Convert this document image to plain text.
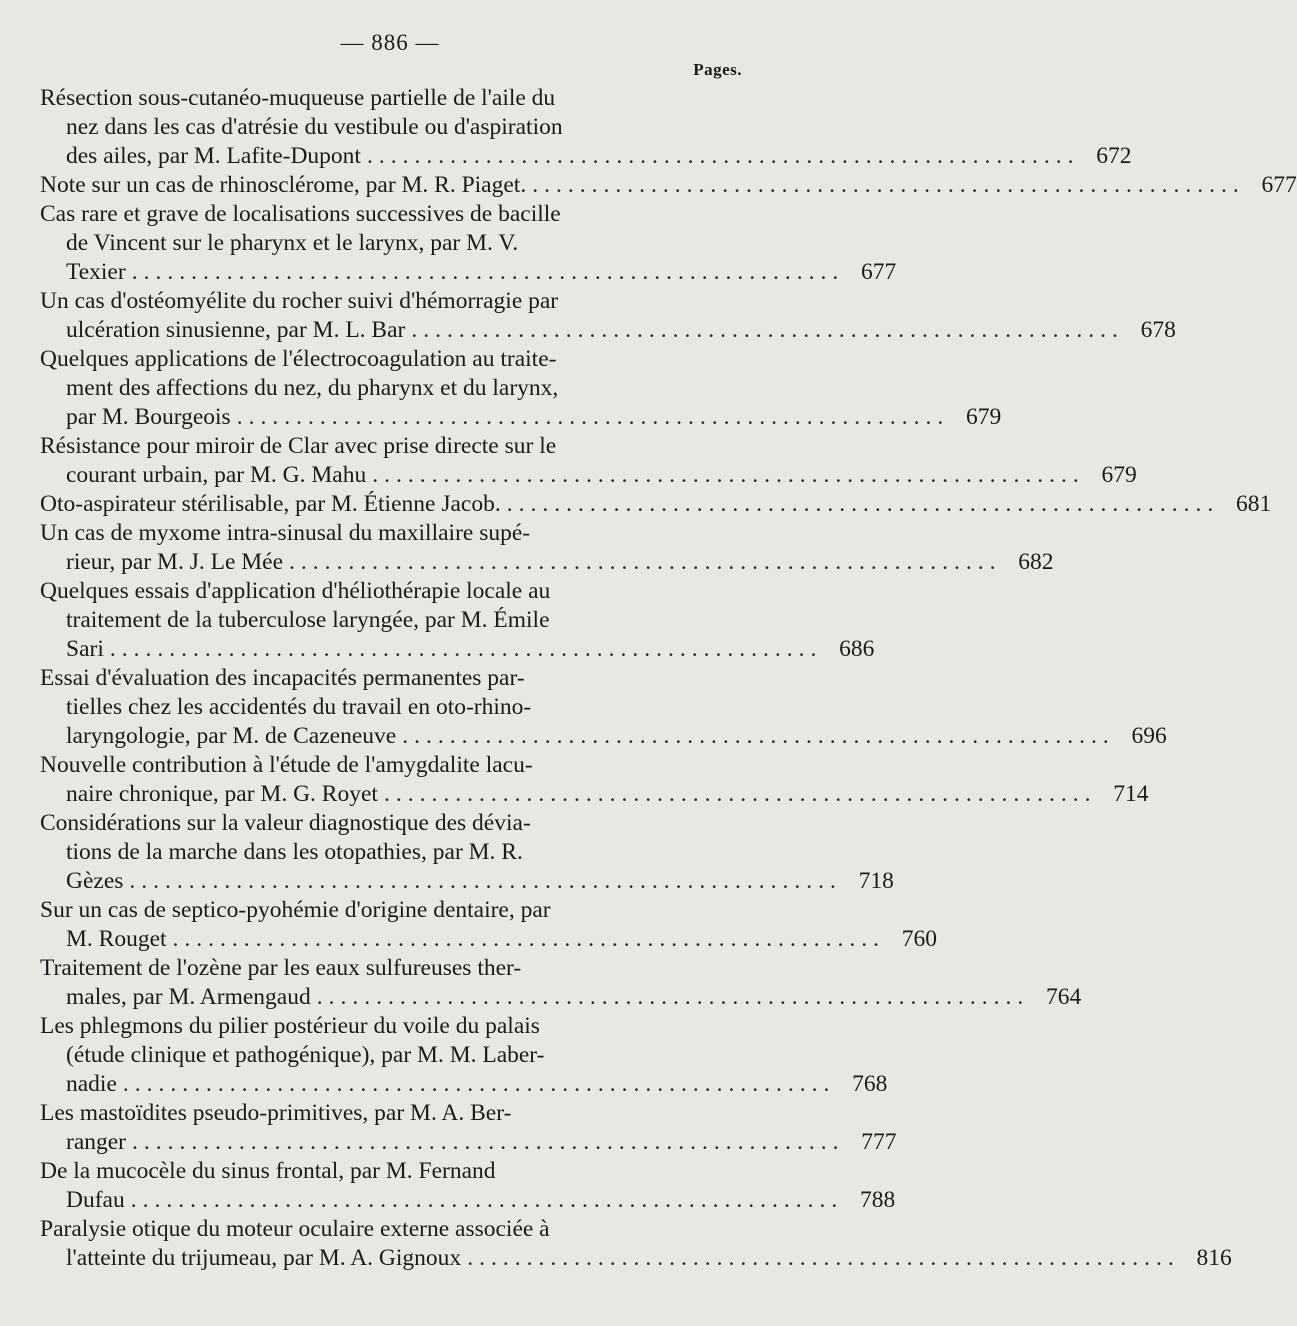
— 886 —
Pages.
Résection sous-cutanéo-muqueuse partielle de l'aile du
nez dans les cas d'atrésie du vestibule ou d'aspiration
des ailes, par M. Lafite-Dupont ............................................................ 672
Note sur un cas de rhinosclérome, par M. R. Piaget. ............................................................ 677
Cas rare et grave de localisations successives de bacille
de Vincent sur le pharynx et le larynx, par M. V.
Texier ............................................................ 677
Un cas d'ostéomyélite du rocher suivi d'hémorragie par
ulcération sinusienne, par M. L. Bar ............................................................ 678
Quelques applications de l'électrocoagulation au traite-
ment des affections du nez, du pharynx et du larynx,
par M. Bourgeois ............................................................ 679
Résistance pour miroir de Clar avec prise directe sur le
courant urbain, par M. G. Mahu ............................................................ 679
Oto-aspirateur stérilisable, par M. Étienne Jacob. ............................................................ 681
Un cas de myxome intra-sinusal du maxillaire supé-
rieur, par M. J. Le Mée ............................................................ 682
Quelques essais d'application d'héliothérapie locale au
traitement de la tuberculose laryngée, par M. Émile
Sari ............................................................ 686
Essai d'évaluation des incapacités permanentes par-
tielles chez les accidentés du travail en oto-rhino-
laryngologie, par M. de Cazeneuve ............................................................ 696
Nouvelle contribution à l'étude de l'amygdalite lacu-
naire chronique, par M. G. Royet ............................................................ 714
Considérations sur la valeur diagnostique des dévia-
tions de la marche dans les otopathies, par M. R.
Gèzes ............................................................ 718
Sur un cas de septico-pyohémie d'origine dentaire, par
M. Rouget ............................................................ 760
Traitement de l'ozène par les eaux sulfureuses ther-
males, par M. Armengaud ............................................................ 764
Les phlegmons du pilier postérieur du voile du palais
(étude clinique et pathogénique), par M. M. Laber-
nadie ............................................................ 768
Les mastoïdites pseudo-primitives, par M. A. Ber-
ranger ............................................................ 777
De la mucocèle du sinus frontal, par M. Fernand
Dufau ............................................................ 788
Paralysie otique du moteur oculaire externe associée à
l'atteinte du trijumeau, par M. A. Gignoux ............................................................ 816
